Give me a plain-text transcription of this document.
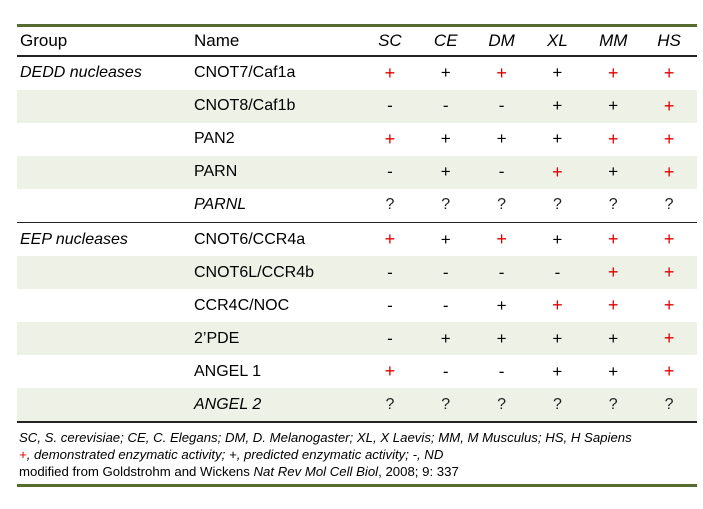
Group	Name	SC	CE	DM	XL	MM	HS
DEDD nucleases	CNOT7/Caf1a	+	+	+	+	+	+
	CNOT8/Caf1b	-	-	-	+	+	+
	PAN2	+	+	+	+	+	+
	PARN	-	+	-	+	+	+
	PARNL	?	?	?	?	?	?
EEP nucleases	CNOT6/CCR4a	+	+	+	+	+	+
	CNOT6L/CCR4b	-	-	-	-	+	+
	CCR4C/NOC	-	-	+	+	+	+
	2’PDE	-	+	+	+	+	+
	ANGEL 1	+	-	-	+	+	+
	ANGEL 2	?	?	?	?	?	?
SC, S. cerevisiae; CE, C. Elegans; DM, D. Melanogaster; XL, X Laevis; MM, M Musculus; HS, H Sapiens
+, demonstrated enzymatic activity; +, predicted enzymatic activity; -, ND
modified from Goldstrohm and Wickens Nat Rev Mol Cell Biol, 2008; 9: 337
